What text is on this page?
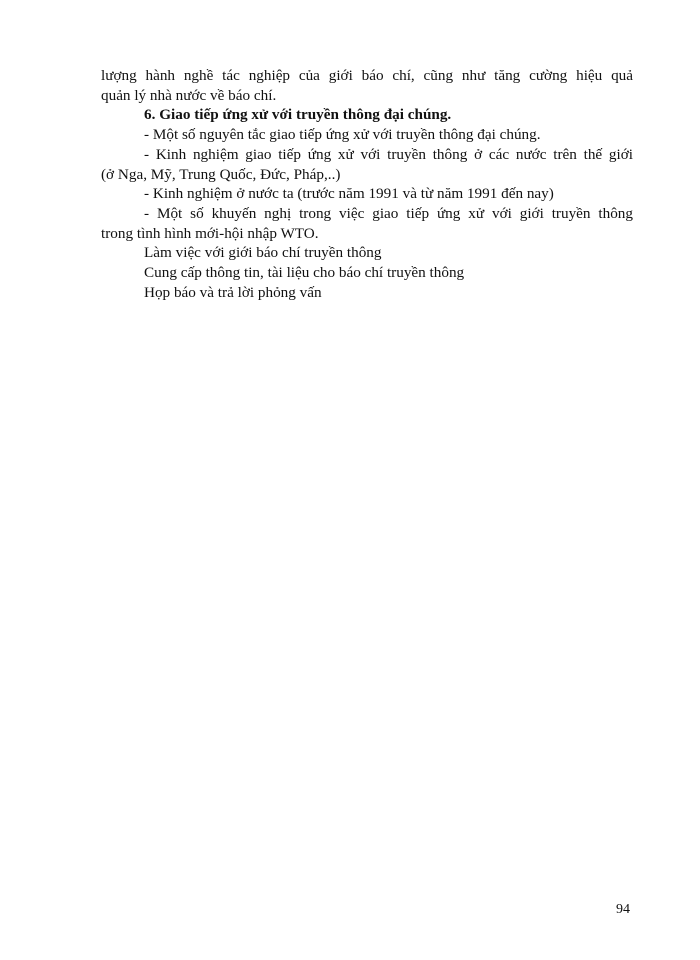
lượng hành nghề tác nghiệp của giới báo chí, cũng như tăng cường hiệu quả
quản lý nhà nước về báo chí.
6. Giao tiếp ứng xử với truyền thông đại chúng.
- Một số nguyên tắc giao tiếp ứng xử với truyền thông đại chúng.
- Kinh nghiệm giao tiếp ứng xử với truyền thông ở các nước trên thế giới
(ở Nga, Mỹ, Trung Quốc, Đức, Pháp,..)
- Kinh nghiệm ở nước ta (trước năm 1991 và từ năm 1991 đến nay)
- Một số khuyến nghị trong việc giao tiếp ứng xử với giới truyền thông
trong tình hình mới-hội nhập WTO.
Làm việc với giới báo chí truyền thông
Cung cấp thông tin, tài liệu cho báo chí truyền thông
Họp báo và trả lời phỏng vấn
94
